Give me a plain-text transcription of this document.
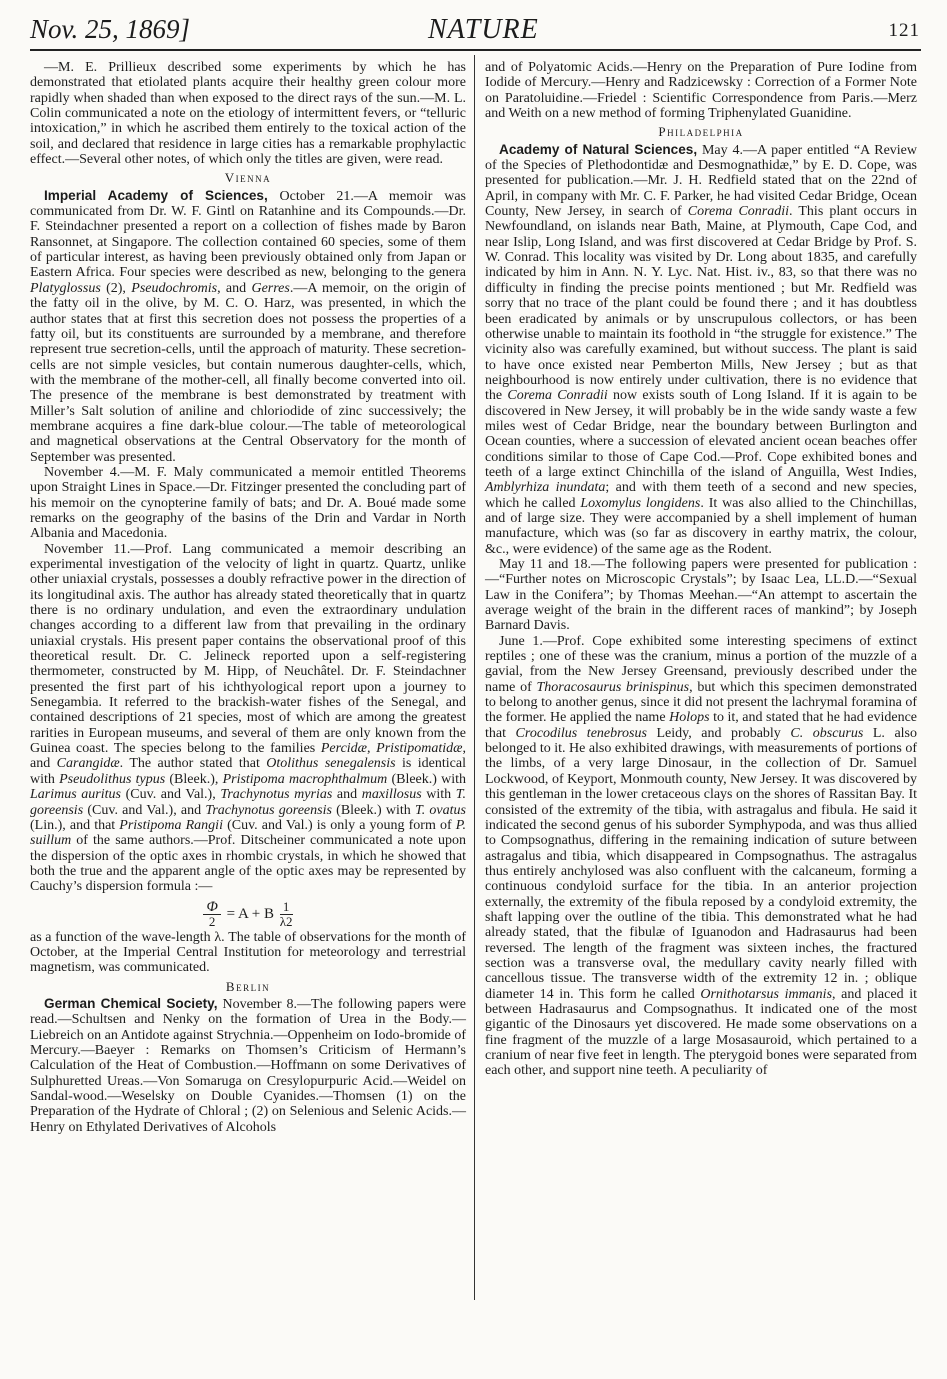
Nov. 25, 1869]	NATURE	121

—M. E. Prillieux described some experiments by which he has demonstrated that etiolated plants acquire their healthy green colour more rapidly when shaded than when exposed to the direct rays of the sun.—M. L. Colin communicated a note on the etiology of intermittent fevers, or “telluric intoxication,” in which he ascribed them entirely to the toxical action of the soil, and declared that residence in large cities has a remarkable prophylactic effect.—Several other notes, of which only the titles are given, were read.

Vienna

Imperial Academy of Sciences, October 21.—A memoir was communicated from Dr. W. F. Gintl on Ratanhine and its Compounds.—Dr. F. Steindachner presented a report on a collection of fishes made by Baron Ransonnet, at Singapore. The collection contained 60 species, some of them of particular interest, as having been previously obtained only from Japan or Eastern Africa. Four species were described as new, belonging to the genera Platyglossus (2), Pseudochromis, and Gerres.—A memoir, on the origin of the fatty oil in the olive, by M. C. O. Harz, was presented, in which the author states that at first this secretion does not possess the properties of a fatty oil, but its constituents are surrounded by a membrane, and therefore represent true secretion-cells, until the approach of maturity. These secretion-cells are not simple vesicles, but contain numerous daughter-cells, which, with the membrane of the mother-cell, all finally become converted into oil. The presence of the membrane is best demonstrated by treatment with Miller’s Salt solution of aniline and chloriodide of zinc successively; the membrane acquires a fine dark-blue colour.—The table of meteorological and magnetical observations at the Central Observatory for the month of September was presented.

November 4.—M. F. Maly communicated a memoir entitled Theorems upon Straight Lines in Space.—Dr. Fitzinger presented the concluding part of his memoir on the cynopterine family of bats; and Dr. A. Boué made some remarks on the geography of the basins of the Drin and Vardar in North Albania and Macedonia.

November 11.—Prof. Lang communicated a memoir describing an experimental investigation of the velocity of light in quartz. Quartz, unlike other uniaxial crystals, possesses a doubly refractive power in the direction of its longitudinal axis. The author has already stated theoretically that in quartz there is no ordinary undulation, and even the extraordinary undulation changes according to a different law from that prevailing in the ordinary uniaxial crystals. His present paper contains the observational proof of this theoretical result. Dr. C. Jelineck reported upon a self-registering thermometer, constructed by M. Hipp, of Neuchâtel. Dr. F. Steindachner presented the first part of his ichthyological report upon a journey to Senegambia. It referred to the brackish-water fishes of the Senegal, and contained descriptions of 21 species, most of which are among the greatest rarities in European museums, and several of them are only known from the Guinea coast. The species belong to the families Percidæ, Pristipomatidæ, and Carangidæ. The author stated that Otolithus senegalensis is identical with Pseudolithus typus (Bleek.), Pristipoma macrophthalmum (Bleek.) with Larimus auritus (Cuv. and Val.), Trachynotus myrias and maxillosus with T. goreensis (Cuv. and Val.), and Trachynotus goreensis (Bleek.) with T. ovatus (Lin.), and that Pristipoma Rangii (Cuv. and Val.) is only a young form of P. suillum of the same authors.—Prof. Ditscheiner communicated a note upon the dispersion of the optic axes in rhombic crystals, in which he showed that both the true and the apparent angle of the optic axes may be represented by Cauchy’s dispersion formula :—

$\frac{\Phi}{2} = A + B \frac{1}{\lambda 2}$

as a function of the wave-length λ. The table of observations for the month of October, at the Imperial Central Institution for meteorology and terrestrial magnetism, was communicated.

Berlin

German Chemical Society, November 8.—The following papers were read.—Schultsen and Nenky on the formation of Urea in the Body.—Liebreich on an Antidote against Strychnia.—Oppenheim on Iodo-bromide of Mercury.—Baeyer : Remarks on Thomsen’s Criticism of Hermann’s Calculation of the Heat of Combustion.—Hoffmann on some Derivatives of Sulphuretted Ureas.—Von Somaruga on Cresylopurpuric Acid.—Weidel on Sandal-wood.—Weselsky on Double Cyanides.—Thomsen (1) on the Preparation of the Hydrate of Chloral ; (2) on Selenious and Selenic Acids.—Henry on Ethylated Derivatives of Alcohols

and of Polyatomic Acids.—Henry on the Preparation of Pure Iodine from Iodide of Mercury.—Henry and Radzicewsky : Correction of a Former Note on Paratoluidine.—Friedel : Scientific Correspondence from Paris.—Merz and Weith on a new method of forming Triphenylated Guanidine.

Philadelphia

Academy of Natural Sciences, May 4.—A paper entitled “A Review of the Species of Plethodontidæ and Desmognathidæ,” by E. D. Cope, was presented for publication.—Mr. J. H. Redfield stated that on the 22nd of April, in company with Mr. C. F. Parker, he had visited Cedar Bridge, Ocean County, New Jersey, in search of Corema Conradii. This plant occurs in Newfoundland, on islands near Bath, Maine, at Plymouth, Cape Cod, and near Islip, Long Island, and was first discovered at Cedar Bridge by Prof. S. W. Conrad. This locality was visited by Dr. Long about 1835, and carefully indicated by him in Ann. N. Y. Lyc. Nat. Hist. iv., 83, so that there was no difficulty in finding the precise points mentioned ; but Mr. Redfield was sorry that no trace of the plant could be found there ; and it has doubtless been eradicated by animals or by unscrupulous collectors, or has been otherwise unable to maintain its foothold in “the struggle for existence.” The vicinity also was carefully examined, but without success. The plant is said to have once existed near Pemberton Mills, New Jersey ; but as that neighbourhood is now entirely under cultivation, there is no evidence that the Corema Conradii now exists south of Long Island. If it is again to be discovered in New Jersey, it will probably be in the wide sandy waste a few miles west of Cedar Bridge, near the boundary between Burlington and Ocean counties, where a succession of elevated ancient ocean beaches offer conditions similar to those of Cape Cod.—Prof. Cope exhibited bones and teeth of a large extinct Chinchilla of the island of Anguilla, West Indies, Amblyrhiza inundata; and with them teeth of a second and new species, which he called Loxomylus longidens. It was also allied to the Chinchillas, and of large size. They were accompanied by a shell implement of human manufacture, which was (so far as discovery in earthy matrix, the colour, &c., were evidence) of the same age as the Rodent.

May 11 and 18.—The following papers were presented for publication :—“Further notes on Microscopic Crystals”; by Isaac Lea, LL.D.—“Sexual Law in the Conifera”; by Thomas Meehan.—“An attempt to ascertain the average weight of the brain in the different races of mankind”; by Joseph Barnard Davis.

June 1.—Prof. Cope exhibited some interesting specimens of extinct reptiles ; one of these was the cranium, minus a portion of the muzzle of a gavial, from the New Jersey Greensand, previously described under the name of Thoracosaurus brinispinus, but which this specimen demonstrated to belong to another genus, since it did not present the lachrymal foramina of the former. He applied the name Holops to it, and stated that he had evidence that Crocodilus tenebrosus Leidy, and probably C. obscurus L. also belonged to it. He also exhibited drawings, with measurements of portions of the limbs, of a very large Dinosaur, in the collection of Dr. Samuel Lockwood, of Keyport, Monmouth county, New Jersey. It was discovered by this gentleman in the lower cretaceous clays on the shores of Rassitan Bay. It consisted of the extremity of the tibia, with astragalus and fibula. He said it indicated the second genus of his suborder Symphypoda, and was thus allied to Compsognathus, differing in the remaining indication of suture between astragalus and tibia, which disappeared in Compsognathus. The astragalus thus entirely anchylosed was also confluent with the calcaneum, forming a continuous condyloid surface for the tibia. In an anterior projection externally, the extremity of the fibula reposed by a condyloid extremity, the shaft lapping over the outline of the tibia. This demonstrated what he had already stated, that the fibulæ of Iguanodon and Hadrasaurus had been reversed. The length of the fragment was sixteen inches, the fractured section was a transverse oval, the medullary cavity nearly filled with cancellous tissue. The transverse width of the extremity 12 in. ; oblique diameter 14 in. This form he called Ornithotarsus immanis, and placed it between Hadrasaurus and Compsognathus. It indicated one of the most gigantic of the Dinosaurs yet discovered. He made some observations on a fine fragment of the muzzle of a large Mosasauroid, which pertained to a cranium of near five feet in length. The pterygoid bones were separated from each other, and support nine teeth. A peculiarity of
